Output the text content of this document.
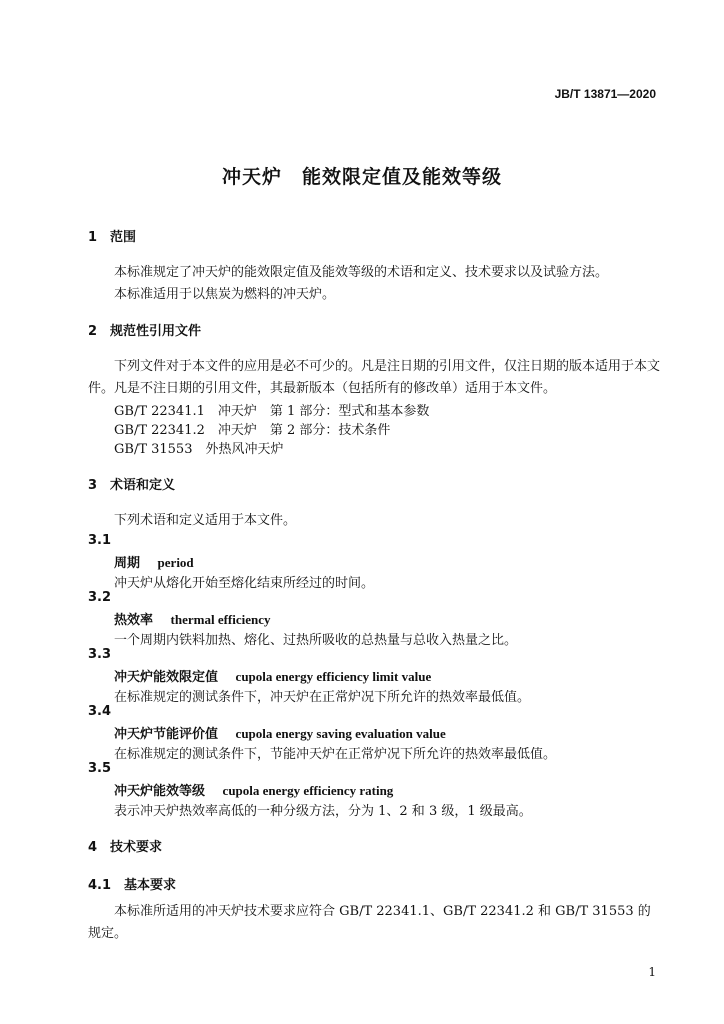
JB/T 13871—2020
冲天炉　能效限定值及能效等级
1　范围
本标准规定了冲天炉的能效限定值及能效等级的术语和定义、技术要求以及试验方法。
本标准适用于以焦炭为燃料的冲天炉。
2　规范性引用文件
下列文件对于本文件的应用是必不可少的。凡是注日期的引用文件，仅注日期的版本适用于本文件。凡是不注日期的引用文件，其最新版本（包括所有的修改单）适用于本文件。
GB/T 22341.1　冲天炉　第 1 部分：型式和基本参数
GB/T 22341.2　冲天炉　第 2 部分：技术条件
GB/T 31553　外热风冲天炉
3　术语和定义
下列术语和定义适用于本文件。
3.1
周期　 period
冲天炉从熔化开始至熔化结束所经过的时间。
3.2
热效率　 thermal efficiency
一个周期内铁料加热、熔化、过热所吸收的总热量与总收入热量之比。
3.3
冲天炉能效限定值　 cupola energy efficiency limit value
在标准规定的测试条件下，冲天炉在正常炉况下所允许的热效率最低值。
3.4
冲天炉节能评价值　 cupola energy saving evaluation value
在标准规定的测试条件下，节能冲天炉在正常炉况下所允许的热效率最低值。
3.5
冲天炉能效等级　 cupola energy efficiency rating
表示冲天炉热效率高低的一种分级方法，分为 1、2 和 3 级，1 级最高。
4　技术要求
4.1　基本要求
本标准所适用的冲天炉技术要求应符合 GB/T 22341.1、GB/T 22341.2 和 GB/T 31553 的规定。
1
